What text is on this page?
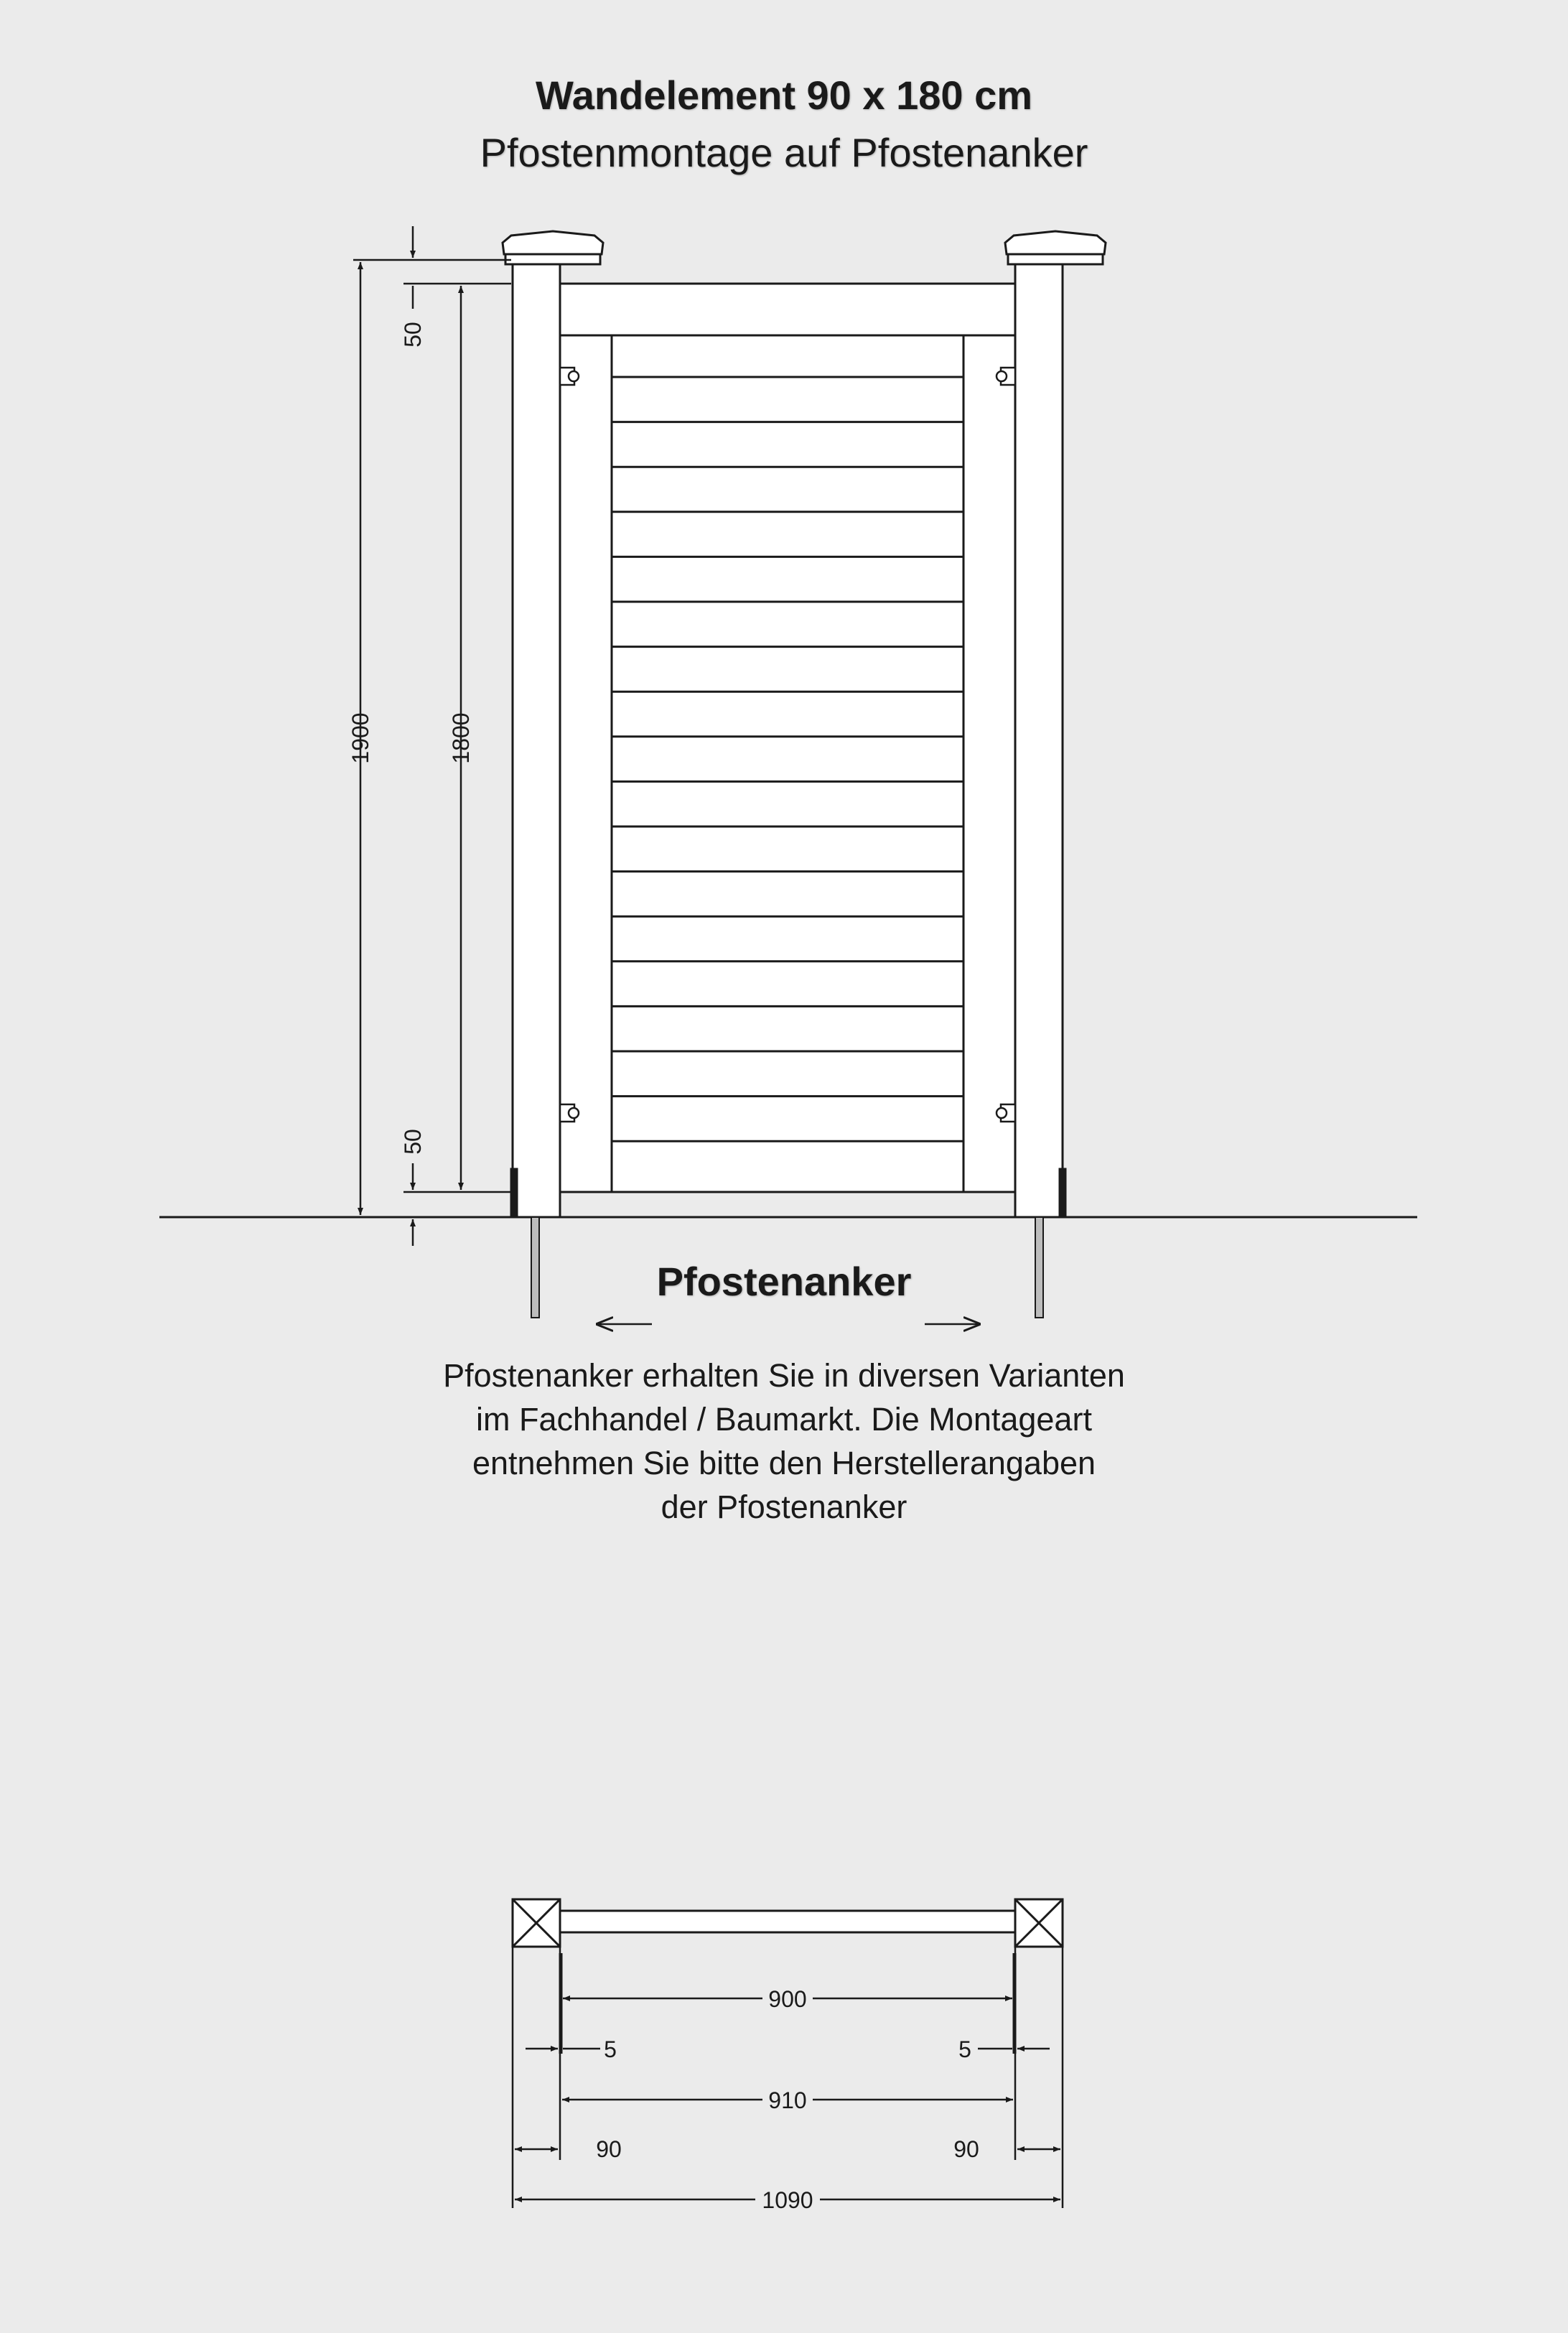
Wandelement 90 x 180 cm
Pfostenmontage auf Pfostenanker
1900	1800
50
50
900
5	5
910
90	90
1090
Pfostenanker
Pfostenanker erhalten Sie in diversen Varianten
im Fachhandel / Baumarkt. Die Montageart
entnehmen Sie bitte den Herstellerangaben
der Pfostenanker
